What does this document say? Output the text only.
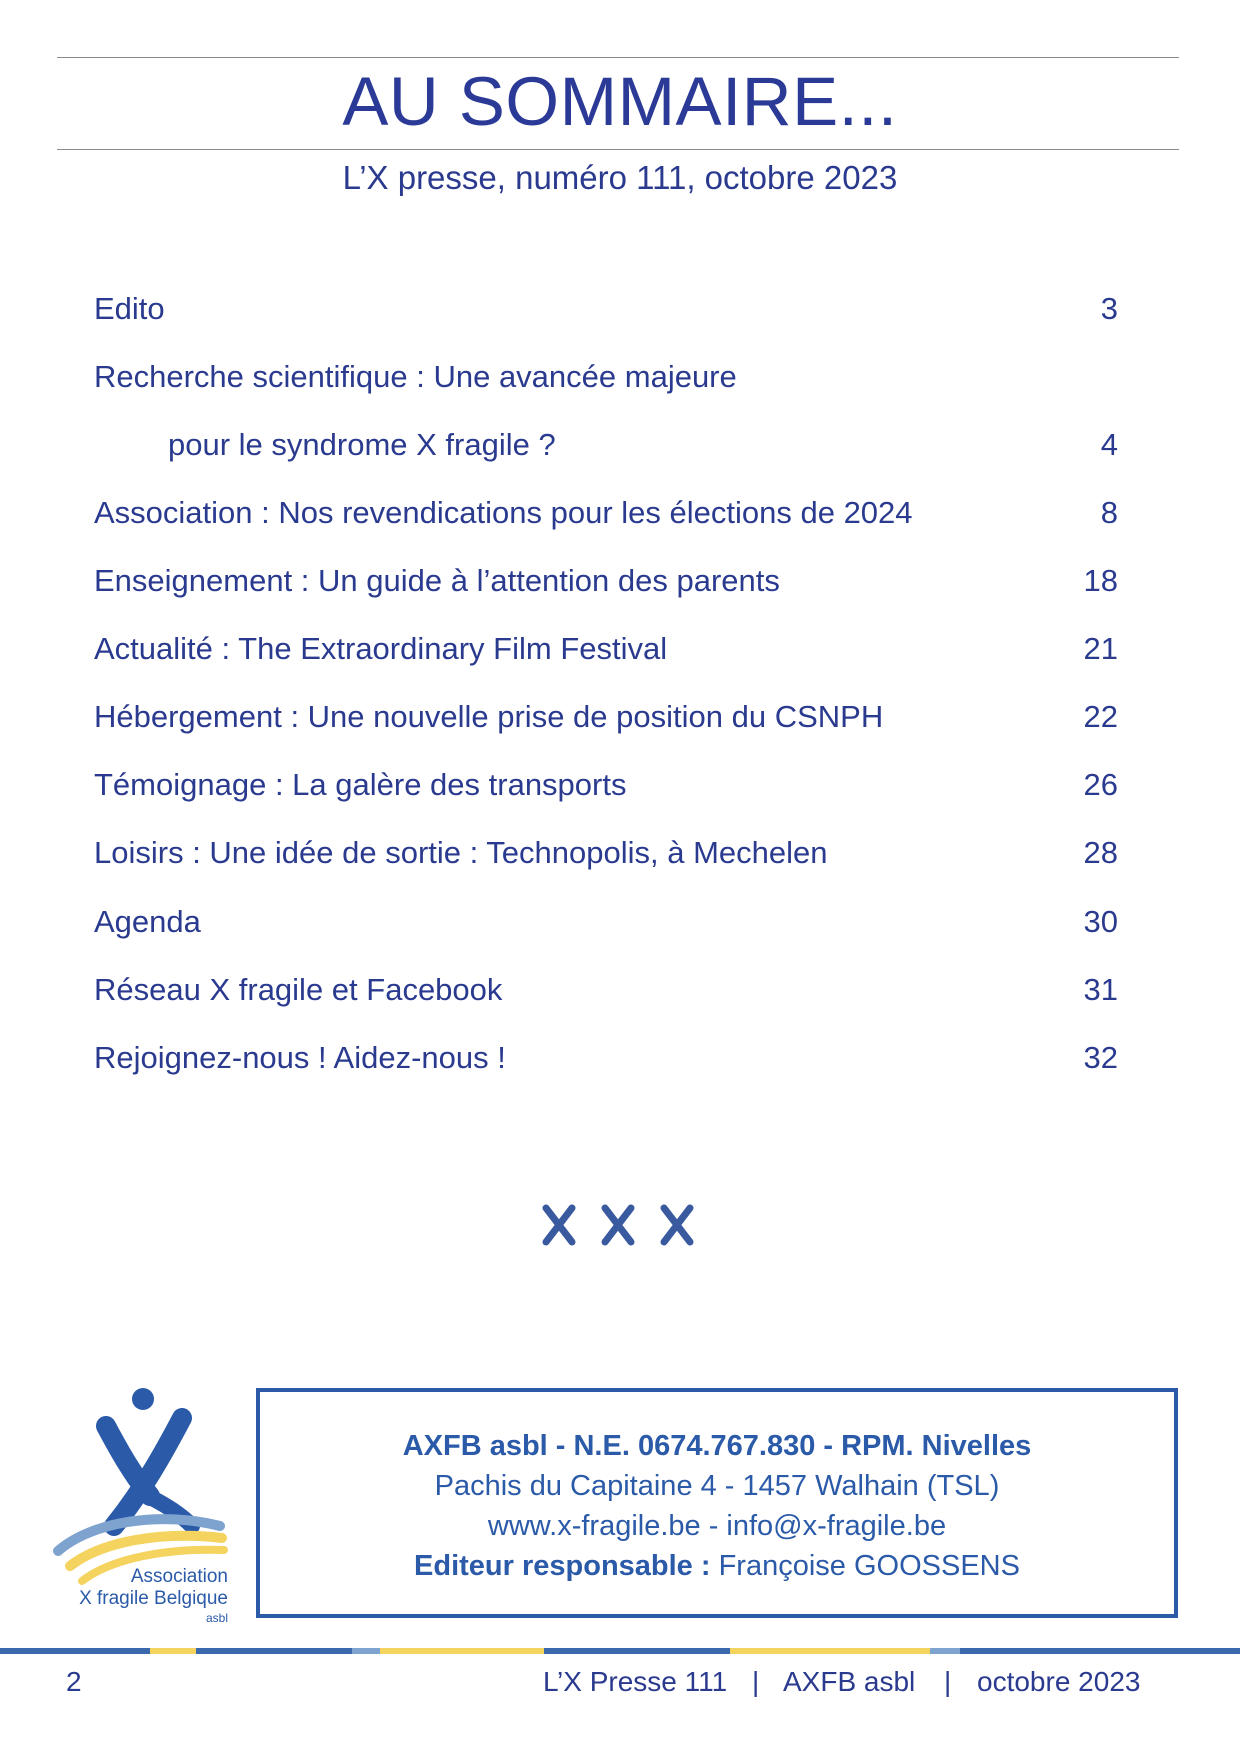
AU SOMMAIRE...
L’X presse, numéro 111, octobre 2023
Edito	3
Recherche scientifique : Une avancée majeure
pour le syndrome X fragile ?	4
Association : Nos revendications pour les élections de 2024	8
Enseignement : Un guide à l’attention des parents	18
Actualité : The Extraordinary Film Festival	21
Hébergement : Une nouvelle prise de position du CSNPH	22
Témoignage : La galère des transports	26
Loisirs : Une idée de sortie : Technopolis, à Mechelen	28
Agenda	30
Réseau X fragile et Facebook	31
Rejoignez-nous ! Aidez-nous !	32
Association
X fragile Belgique
asbl
AXFB asbl - N.E. 0674.767.830 - RPM. Nivelles
Pachis du Capitaine 4 - 1457 Walhain (TSL)
www.x-fragile.be - info@x-fragile.be
Editeur responsable : Françoise GOOSSENS
2	L’X Presse 111 | AXFB asbl | octobre 2023
